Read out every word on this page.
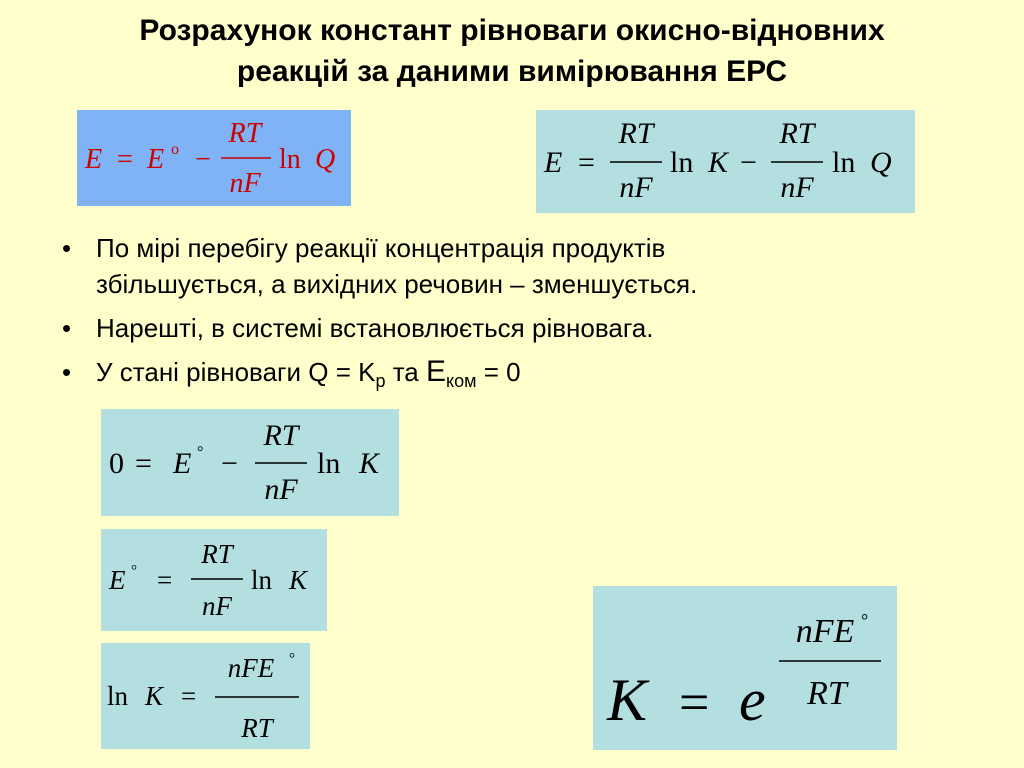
Розрахунок констант рівноваги окисно-відновних
реакцій за даними вимірювання ЕРС
E = E o −
RT
nF
ln Q	E =
RT
nF
ln K −
RT
nF
ln Q
• По мірі перебігу реакції концентрація продуктів
збільшується, а вихідних речовин – зменшується.
• Нарешті, в системі встановлюється рівновага.
• У стані рівноваги $Q = K_p$ та $Е_{ком} = 0$
0 = E ° −
RT
nF
ln K
E ° =
RT
nF
ln K
ln K =
nFE °
RT	K = e
nFE °
RT
